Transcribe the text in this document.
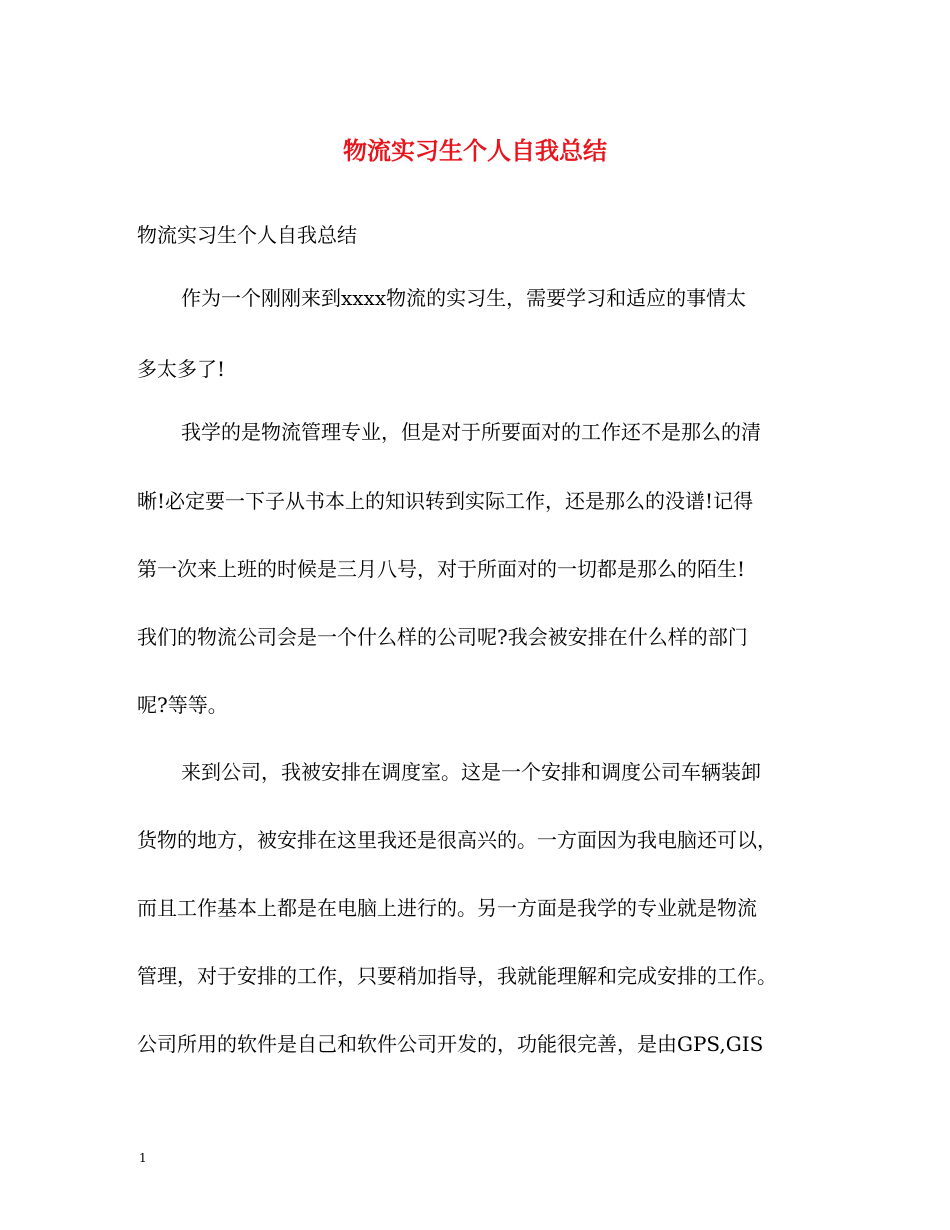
物流实习生个人自我总结
物流实习生个人自我总结
作为一个刚刚来到xxxx物流的实习生，需要学习和适应的事情太
多太多了!
我学的是物流管理专业，但是对于所要面对的工作还不是那么的清
晰!必定要一下子从书本上的知识转到实际工作，还是那么的没谱!记得
第一次来上班的时候是三月八号，对于所面对的一切都是那么的陌生!
我们的物流公司会是一个什么样的公司呢?我会被安排在什么样的部门
呢?等等。
来到公司，我被安排在调度室。这是一个安排和调度公司车辆装卸
货物的地方，被安排在这里我还是很高兴的。一方面因为我电脑还可以，
而且工作基本上都是在电脑上进行的。另一方面是我学的专业就是物流
管理，对于安排的工作，只要稍加指导，我就能理解和完成安排的工作。
公司所用的软件是自己和软件公司开发的，功能很完善，是由GPS,GIS
1
